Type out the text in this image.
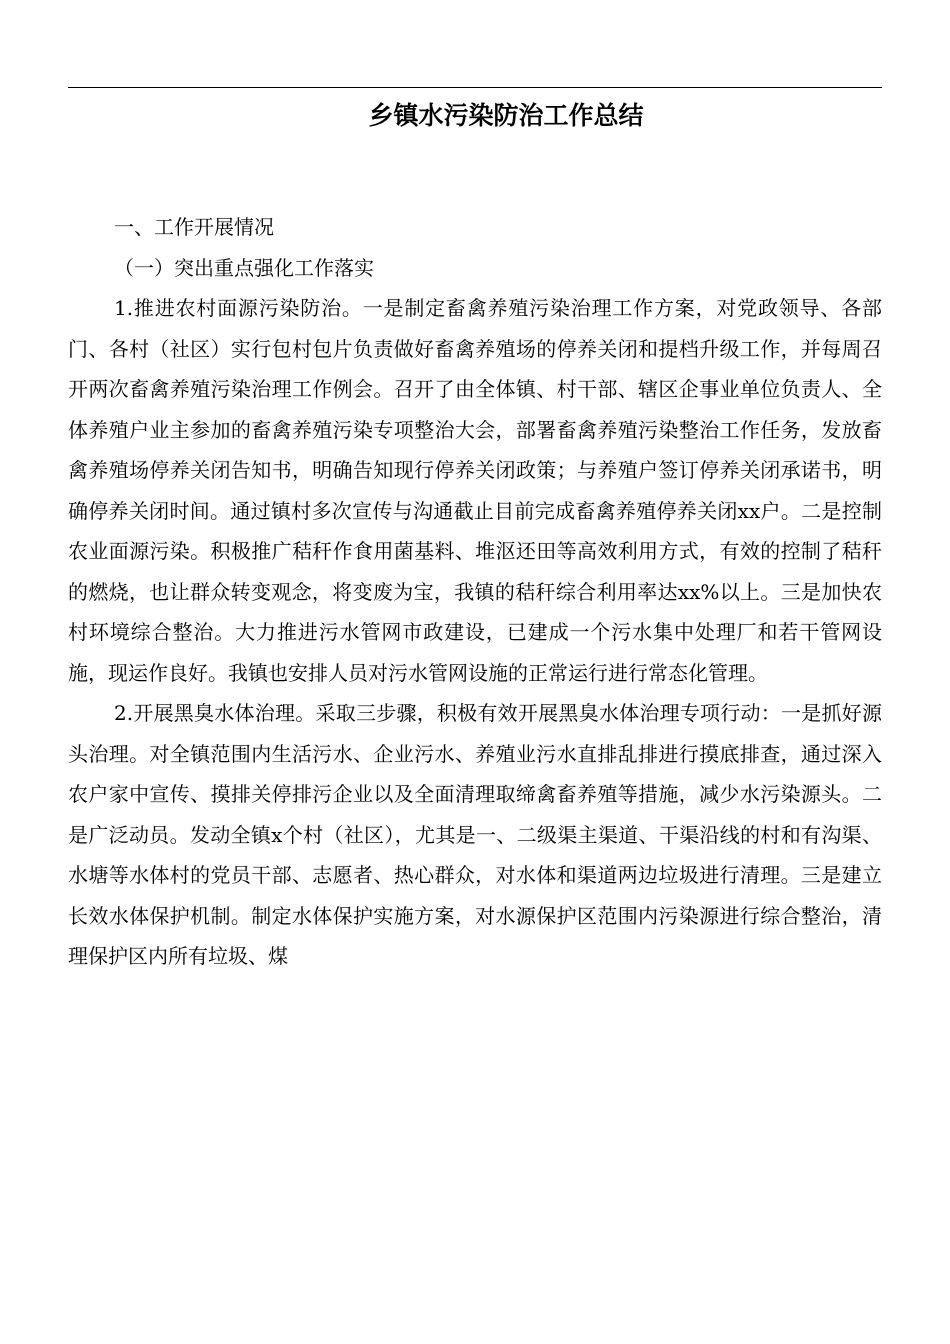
乡镇水污染防治工作总结

一、工作开展情况

（一）突出重点强化工作落实

1.推进农村面源污染防治。一是制定畜禽养殖污染治理工作方案，对党政领导、各部门、各村（社区）实行包村包片负责做好畜禽养殖场的停养关闭和提档升级工作，并每周召开两次畜禽养殖污染治理工作例会。召开了由全体镇、村干部、辖区企事业单位负责人、全体养殖户业主参加的畜禽养殖污染专项整治大会，部署畜禽养殖污染整治工作任务，发放畜禽养殖场停养关闭告知书，明确告知现行停养关闭政策；与养殖户签订停养关闭承诺书，明确停养关闭时间。通过镇村多次宣传与沟通截止目前完成畜禽养殖停养关闭xx户。二是控制农业面源污染。积极推广秸秆作食用菌基料、堆沤还田等高效利用方式，有效的控制了秸秆的燃烧，也让群众转变观念，将变废为宝，我镇的秸秆综合利用率达xx%以上。三是加快农村环境综合整治。大力推进污水管网市政建设，已建成一个污水集中处理厂和若干管网设施，现运作良好。我镇也安排人员对污水管网设施的正常运行进行常态化管理。

2.开展黑臭水体治理。采取三步骤，积极有效开展黑臭水体治理专项行动：一是抓好源头治理。对全镇范围内生活污水、企业污水、养殖业污水直排乱排进行摸底排查，通过深入农户家中宣传、摸排关停排污企业以及全面清理取缔禽畜养殖等措施，减少水污染源头。二是广泛动员。发动全镇x个村（社区），尤其是一、二级渠主渠道、干渠沿线的村和有沟渠、水塘等水体村的党员干部、志愿者、热心群众，对水体和渠道两边垃圾进行清理。三是建立长效水体保护机制。制定水体保护实施方案，对水源保护区范围内污染源进行综合整治，清理保护区内所有垃圾、煤
